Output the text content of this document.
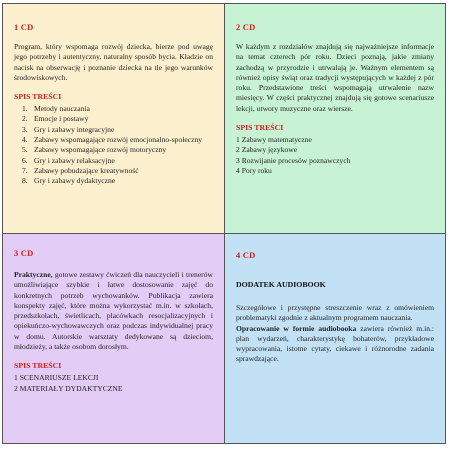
1 CD

Program, który wspomaga rozwój dziecka, bierze pod uwagę jego potrzeby i autentyczny, naturalny sposób bycia. Kładzie on nacisk na obserwację i poznanie dziecka na tle jego warunków środowiskowych.

SPIS TREŚCI
1. Metody nauczania
2. Emocje i postawy
3. Gry i zabawy integracyjne
4. Zabawy wspomagające rozwój emocjonalno-społeczny
5. Zabawy wspomagające rozwój motoryczny
6. Gry i zabawy relaksacyjne
7. Zabawy pobudzające kreatywność
8. Gry i zabawy dydaktyczne
2 CD

W każdym z rozdziałów znajdują się najważniejsze informacje na temat czterech pór roku. Dzieci poznają, jakie zmiany zachodzą w przyrodzie i utrwalają je. Ważnym elementem są również opisy świąt oraz tradycji występujących w każdej z pór roku. Przedstawione treści wspomagają utrwalenie nazw miesięcy. W części praktycznej znajdują się gotowe scenariusze lekcji, utwory muzyczne oraz wiersze.

SPIS TREŚCI
1 Zabawy matematyczne
2 Zabawy językowe
3 Rozwijanie procesów poznawczych
4 Pory roku
3 CD

Praktyczne, gotowe zestawy ćwiczeń dla nauczycieli i trenerów umożliwiające szybkie i łatwe dostosowanie zajęć do konkretnych potrzeb wychowanków. Publikacja zawiera konspekty zajęć, które można wykorzystać m.in. w szkołach, przedszkolach, świetlicach, placówkach resocjalizacyjnych i opiekuńczo-wychowawczych oraz podczas indywidualnej pracy w domu. Autorskie warsztaty dedykowane są dzieciom, młodzieży, a także osobom dorosłym.

SPIS TREŚCI
1 SCENARIUSZE LEKCJI
2 MATERIAŁY DYDAKTYCZNE
4 CD
DODATEK AUDIOBOOK

Szczegółowe i przystępne streszczenie wraz z omówieniem problematyki zgodnie z aktualnym programem nauczania.

Opracowanie w formie audiobooka zawiera również m.in.: plan wydarzeń, charakterystykę bohaterów, przykładowe wypracowania, istotne cytaty, ciekawe i różnorodne zadania sprawdzające.
